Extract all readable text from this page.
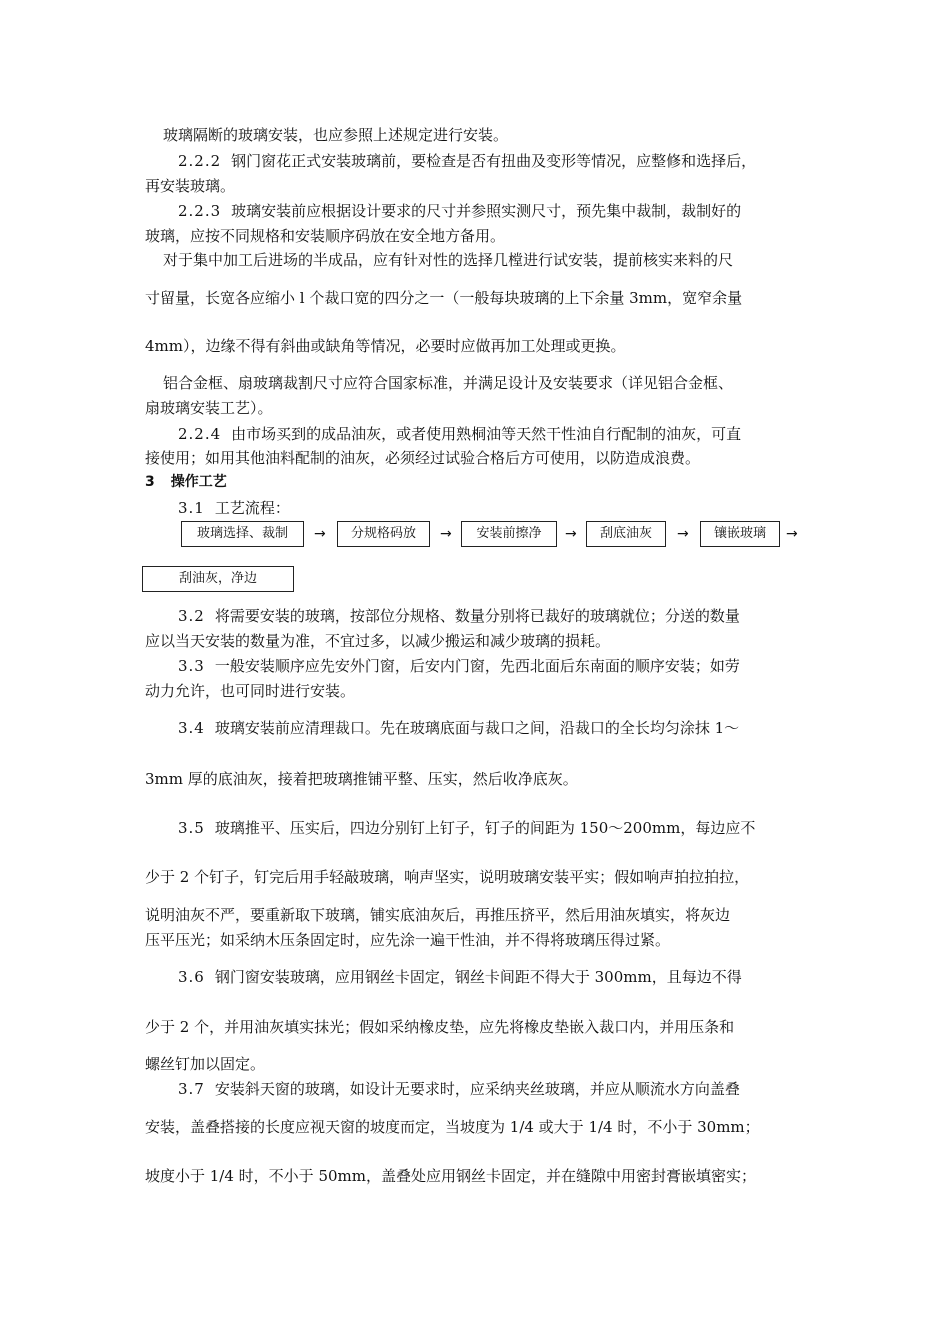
玻璃隔断的玻璃安装，也应参照上述规定进行安装。
2.2.2 钢门窗花正式安装玻璃前，要检查是否有扭曲及变形等情况，应整修和选择后，
再安装玻璃。
2.2.3 玻璃安装前应根据设计要求的尺寸并参照实测尺寸，预先集中裁制，裁制好的
玻璃，应按不同规格和安装顺序码放在安全地方备用。
对于集中加工后进场的半成品，应有针对性的选择几樘进行试安装，提前核实来料的尺
寸留量，长宽各应缩小 l 个裁口宽的四分之一（一般每块玻璃的上下余量 3mm，宽窄余量
4mm），边缘不得有斜曲或缺角等情况，必要时应做再加工处理或更换。
铝合金框、扇玻璃裁割尺寸应符合国家标准，并满足设计及安装要求（详见铝合金框、
扇玻璃安装工艺）。
2.2.4 由市场买到的成品油灰，或者使用熟桐油等天然干性油自行配制的油灰，可直
接使用；如用其他油料配制的油灰，必须经过试验合格后方可使用，以防造成浪费。
3 操作工艺
3.1 工艺流程：
玻璃选择、裁制	→	分规格码放	→	安装前擦净	→	刮底油灰	→	镶嵌玻璃	→
刮油灰，净边
3.2 将需要安装的玻璃，按部位分规格、数量分别将已裁好的玻璃就位；分送的数量
应以当天安装的数量为准，不宜过多，以减少搬运和减少玻璃的损耗。
3.3 一般安装顺序应先安外门窗，后安内门窗，先西北面后东南面的顺序安装；如劳
动力允许，也可同时进行安装。
3.4 玻璃安装前应清理裁口。先在玻璃底面与裁口之间，沿裁口的全长均匀涂抹 1～
3mm 厚的底油灰，接着把玻璃推铺平整、压实，然后收净底灰。
3.5 玻璃推平、压实后，四边分别钉上钉子，钉子的间距为 150～200mm，每边应不
少于 2 个钉子，钉完后用手轻敲玻璃，响声坚实，说明玻璃安装平实；假如响声拍拉拍拉，
说明油灰不严，要重新取下玻璃，铺实底油灰后，再推压挤平，然后用油灰填实，将灰边
压平压光；如采纳木压条固定时，应先涂一遍干性油，并不得将玻璃压得过紧。
3.6 钢门窗安装玻璃，应用钢丝卡固定，钢丝卡间距不得大于 300mm，且每边不得
少于 2 个，并用油灰填实抹光；假如采纳橡皮垫，应先将橡皮垫嵌入裁口内，并用压条和
螺丝钉加以固定。
3.7 安装斜天窗的玻璃，如设计无要求时，应采纳夹丝玻璃，并应从顺流水方向盖叠
安装，盖叠搭接的长度应视天窗的坡度而定，当坡度为 1/4 或大于 1/4 时，不小于 30mm；
坡度小于 1/4 时，不小于 50mm，盖叠处应用钢丝卡固定，并在缝隙中用密封膏嵌填密实；
